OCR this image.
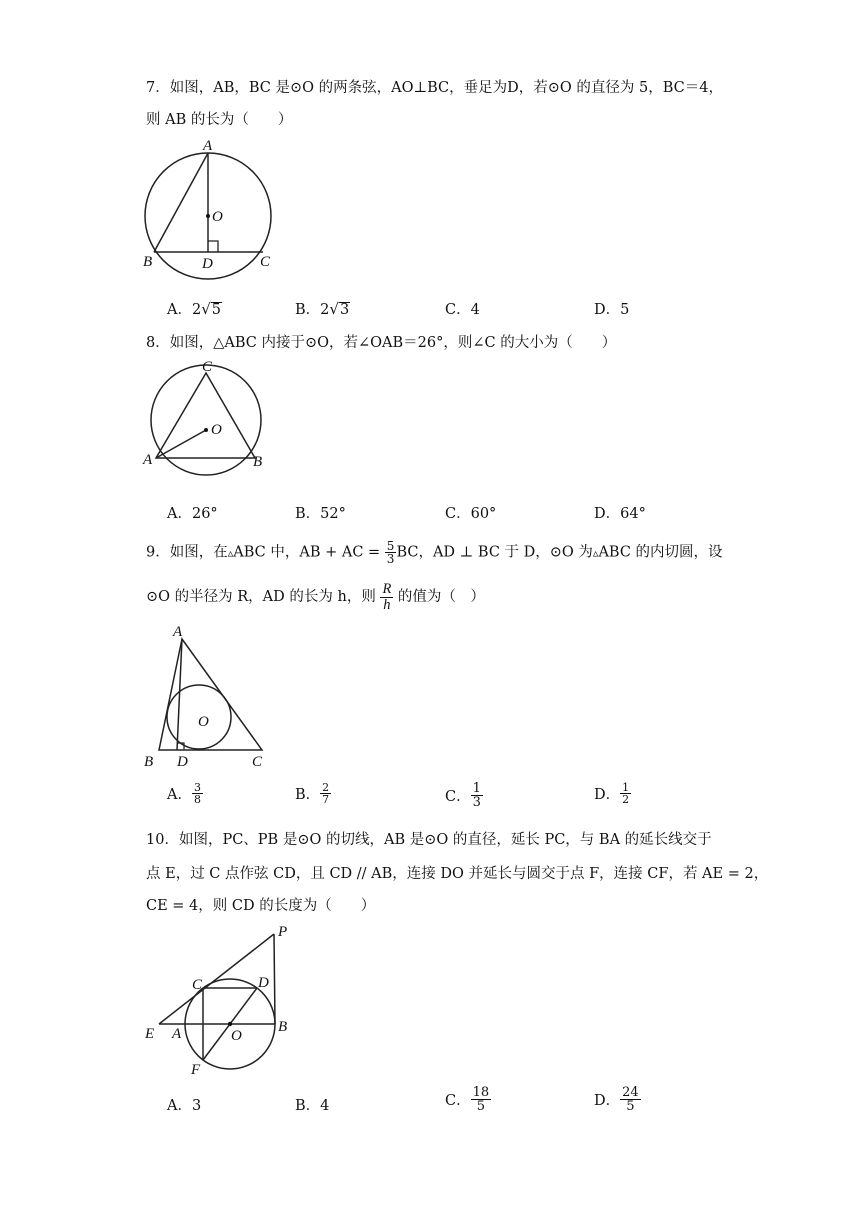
7．如图，AB，BC 是⊙O 的两条弦，AO⊥BC，垂足为D，若⊙O 的直径为 5，BC＝4，
则 AB 的长为（　　）
A
O
B	D	C
A．2√5	B．2√3	C．4	D．5
8．如图，△ABC 内接于⊙O，若∠OAB＝26°，则∠C 的大小为（　　）
C
O
A	B
A．26°	B．52°	C．60°	D．64°
9．如图，在▵ABC 中，AB + AC = $\frac{5}{3}$ BC，AD ⊥ BC 于 D，⊙O 为▵ABC 的内切圆，设
⊙O 的半径为 R，AD 的长为 h，则 $\frac{R}{h}$ 的值为（　）
A
O
B D	C
A． $\frac{3}{8}$	B． $\frac{2}{7}$	C． $\frac{1}{3}$	D． $\frac{1}{2}$
10．如图，PC、PB 是⊙O 的切线，AB 是⊙O 的直径，延长 PC，与 BA 的延长线交于
点 E，过 C 点作弦 CD，且 CD // AB，连接 DO 并延长与圆交于点 F，连接 CF，若 AE = 2，
CE = 4，则 CD 的长度为（　　）
P
C	D
E A	O
B
F
A．3	B．4	C． $\frac{18}{5}$	D． $\frac{24}{5}$
